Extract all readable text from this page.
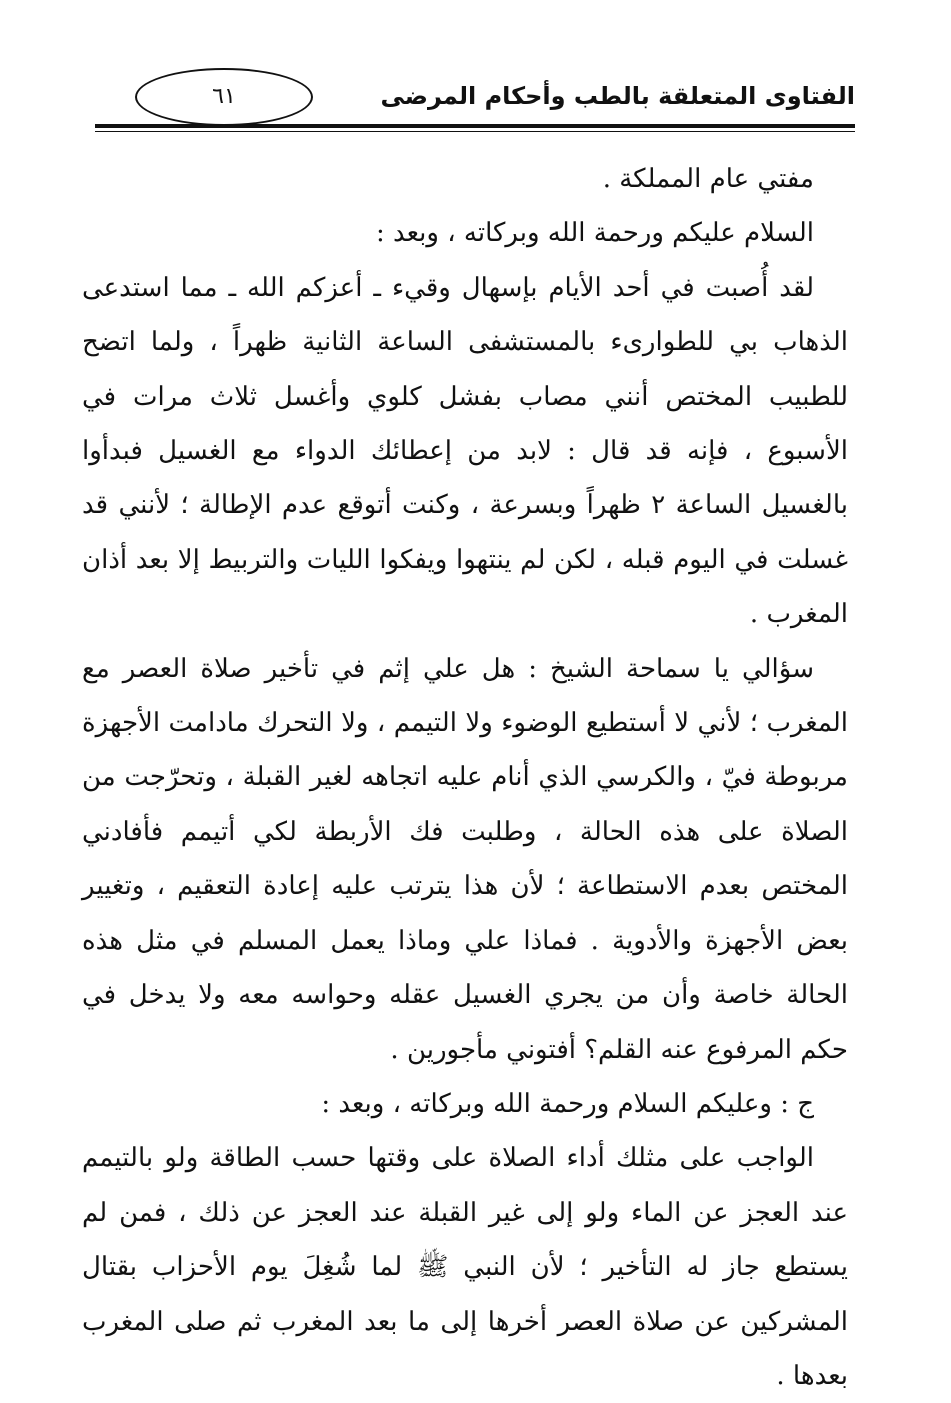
الفتاوى المتعلقة بالطب وأحكام المرضى
٦١

مفتي عام المملكة .

السلام عليكم ورحمة الله وبركاته ، وبعد :

لقد أُصبت في أحد الأيام بإسهال وقيء ـ أعزكم الله ـ مما استدعى الذهاب بي للطوارىء بالمستشفى الساعة الثانية ظهراً ، ولما اتضح للطبيب المختص أنني مصاب بفشل كلوي وأغسل ثلاث مرات في الأسبوع ، فإنه قد قال : لابد من إعطائك الدواء مع الغسيل فبدأوا بالغسيل الساعة ٢ ظهراً وبسرعة ، وكنت أتوقع عدم الإطالة ؛ لأنني قد غسلت في اليوم قبله ، لكن لم ينتهوا ويفكوا الليات والتربيط إلا بعد أذان المغرب .

سؤالي يا سماحة الشيخ : هل علي إثم في تأخير صلاة العصر مع المغرب ؛ لأني لا أستطيع الوضوء ولا التيمم ، ولا التحرك مادامت الأجهزة مربوطة فيّ ، والكرسي الذي أنام عليه اتجاهه لغير القبلة ، وتحرّجت من الصلاة على هذه الحالة ، وطلبت فك الأربطة لكي أتيمم فأفادني المختص بعدم الاستطاعة ؛ لأن هذا يترتب عليه إعادة التعقيم ، وتغيير بعض الأجهزة والأدوية . فماذا علي وماذا يعمل المسلم في مثل هذه الحالة خاصة وأن من يجري الغسيل عقله وحواسه معه ولا يدخل في حكم المرفوع عنه القلم؟ أفتوني مأجورين .

ج : وعليكم السلام ورحمة الله وبركاته ، وبعد :

الواجب على مثلك أداء الصلاة على وقتها حسب الطاقة ولو بالتيمم عند العجز عن الماء ولو إلى غير القبلة عند العجز عن ذلك ، فمن لم يستطع جاز له التأخير ؛ لأن النبي ﷺ لما شُغِلَ يوم الأحزاب بقتال المشركين عن صلاة العصر أخرها إلى ما بعد المغرب ثم صلى المغرب بعدها .
